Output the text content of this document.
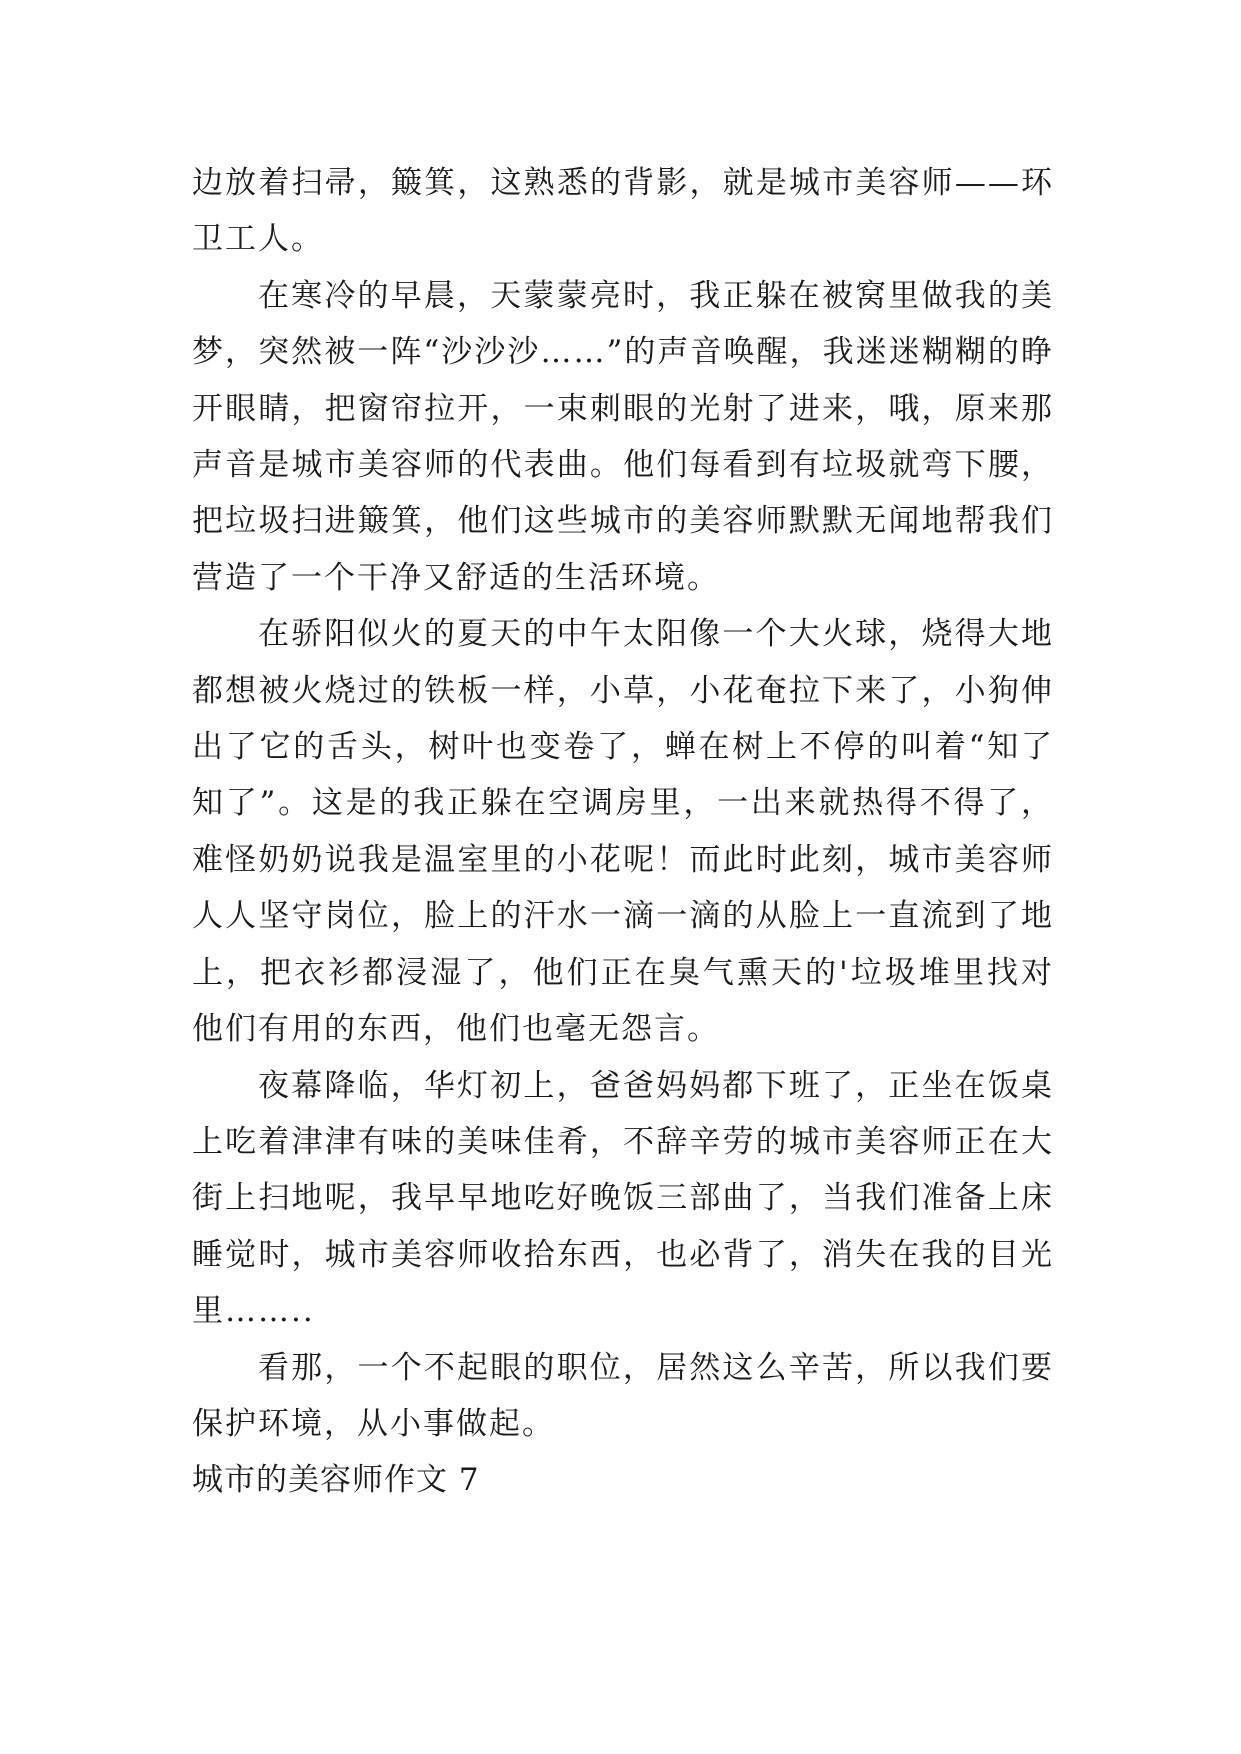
边放着扫帚，簸箕，这熟悉的背影，就是城市美容师——环卫工人。

在寒冷的早晨，天蒙蒙亮时，我正躲在被窝里做我的美梦，突然被一阵“沙沙沙……”的声音唤醒，我迷迷糊糊的睁开眼睛，把窗帘拉开，一束刺眼的光射了进来，哦，原来那声音是城市美容师的代表曲。他们每看到有垃圾就弯下腰，把垃圾扫进簸箕，他们这些城市的美容师默默无闻地帮我们营造了一个干净又舒适的生活环境。

在骄阳似火的夏天的中午太阳像一个大火球，烧得大地都想被火烧过的铁板一样，小草，小花奄拉下来了，小狗伸出了它的舌头，树叶也变卷了，蝉在树上不停的叫着“知了知了”。这是的我正躲在空调房里，一出来就热得不得了，难怪奶奶说我是温室里的小花呢！而此时此刻，城市美容师人人坚守岗位，脸上的汗水一滴一滴的从脸上一直流到了地上，把衣衫都浸湿了，他们正在臭气熏天的'垃圾堆里找对他们有用的东西，他们也毫无怨言。

夜幕降临，华灯初上，爸爸妈妈都下班了，正坐在饭桌上吃着津津有味的美味佳肴，不辞辛劳的城市美容师正在大街上扫地呢，我早早地吃好晚饭三部曲了，当我们准备上床睡觉时，城市美容师收拾东西，也必背了，消失在我的目光里……..

看那，一个不起眼的职位，居然这么辛苦，所以我们要保护环境，从小事做起。

城市的美容师作文 7
